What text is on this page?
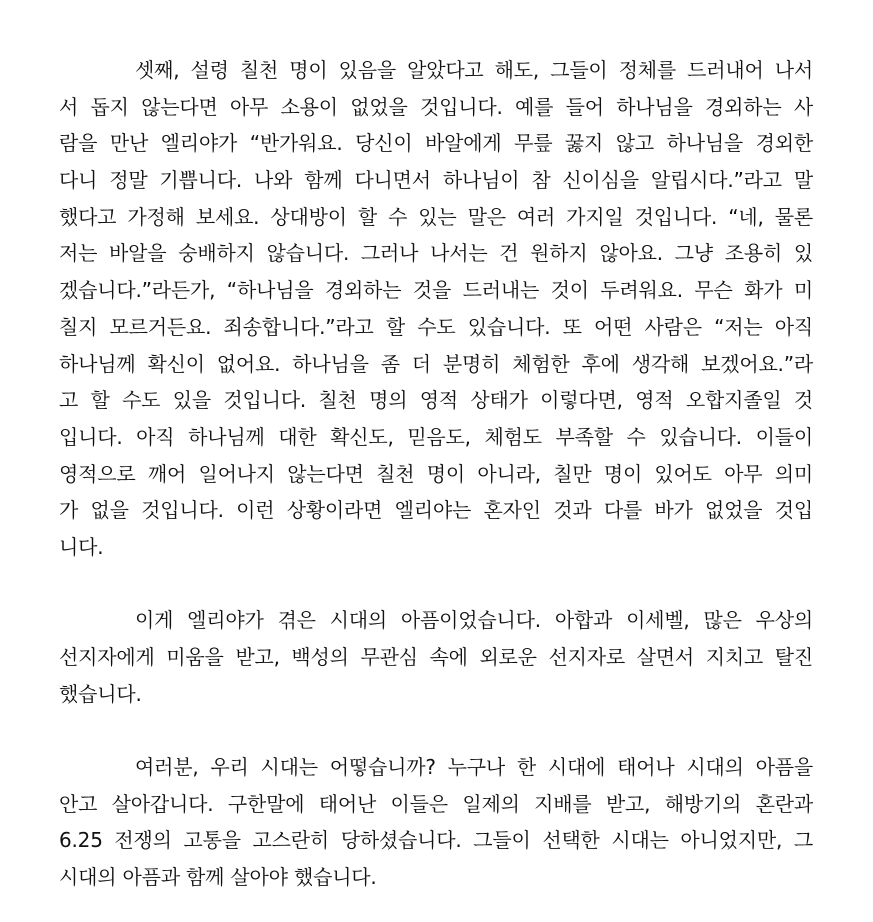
셋째, 설령 칠천 명이 있음을 알았다고 해도, 그들이 정체를 드러내어 나서
서 돕지 않는다면 아무 소용이 없었을 것입니다. 예를 들어 하나님을 경외하는 사
람을 만난 엘리야가 “반가워요. 당신이 바알에게 무릎 꿇지 않고 하나님을 경외한
다니 정말 기쁩니다. 나와 함께 다니면서 하나님이 참 신이심을 알립시다.”라고 말
했다고 가정해 보세요. 상대방이 할 수 있는 말은 여러 가지일 것입니다. “네, 물론
저는 바알을 숭배하지 않습니다. 그러나 나서는 건 원하지 않아요. 그냥 조용히 있
겠습니다.”라든가, “하나님을 경외하는 것을 드러내는 것이 두려워요. 무슨 화가 미
칠지 모르거든요. 죄송합니다.”라고 할 수도 있습니다. 또 어떤 사람은 “저는 아직
하나님께 확신이 없어요. 하나님을 좀 더 분명히 체험한 후에 생각해 보겠어요.”라
고 할 수도 있을 것입니다. 칠천 명의 영적 상태가 이렇다면, 영적 오합지졸일 것
입니다. 아직 하나님께 대한 확신도, 믿음도, 체험도 부족할 수 있습니다. 이들이
영적으로 깨어 일어나지 않는다면 칠천 명이 아니라, 칠만 명이 있어도 아무 의미
가 없을 것입니다. 이런 상황이라면 엘리야는 혼자인 것과 다를 바가 없었을 것입
니다.
이게 엘리야가 겪은 시대의 아픔이었습니다. 아합과 이세벨, 많은 우상의
선지자에게 미움을 받고, 백성의 무관심 속에 외로운 선지자로 살면서 지치고 탈진
했습니다.
여러분, 우리 시대는 어떻습니까? 누구나 한 시대에 태어나 시대의 아픔을
안고 살아갑니다. 구한말에 태어난 이들은 일제의 지배를 받고, 해방기의 혼란과
6.25 전쟁의 고통을 고스란히 당하셨습니다. 그들이 선택한 시대는 아니었지만, 그
시대의 아픔과 함께 살아야 했습니다.
